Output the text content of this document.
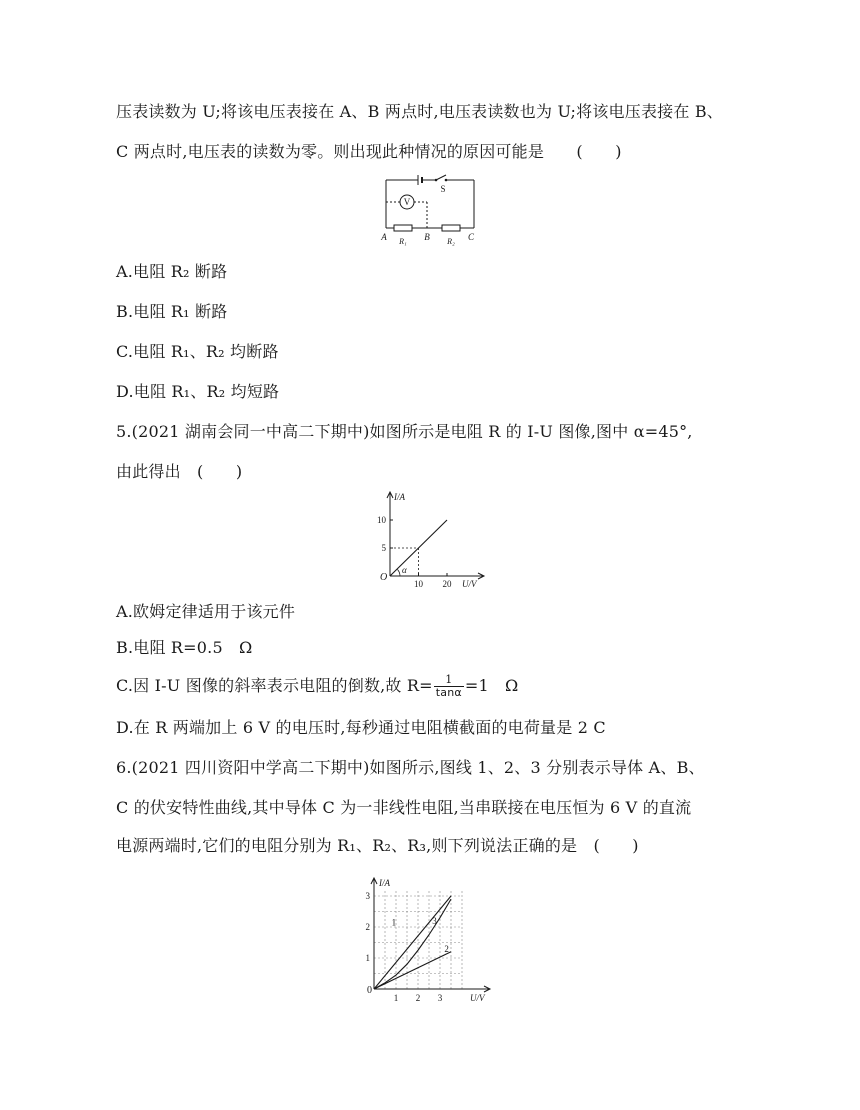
压表读数为 U;将该电压表接在 A、B 两点时,电压表读数也为 U;将该电压表接在 B、
C 两点时,电压表的读数为零。则出现此种情况的原因可能是　　(　　)
V
S
A R₁ B R₂ C
A.电阻 R₂ 断路
B.电阻 R₁ 断路
C.电阻 R₁、R₂ 均断路
D.电阻 R₁、R₂ 均短路
5.(2021 湖南会同一中高二下期中)如图所示是电阻 R 的 I-U 图像,图中 α=45°,
由此得出　(　　)
I/A
U/V
O
5
10
10 20
α
A.欧姆定律适用于该元件
B.电阻 R=0.5　Ω
C.因 I-U 图像的斜率表示电阻的倒数,故 $R= \frac{1}{\tan\alpha} =1$　Ω
D.在 R 两端加上 6 V 的电压时,每秒通过电阻横截面的电荷量是 2 C
6.(2021 四川资阳中学高二下期中)如图所示,图线 1、2、3 分别表示导体 A、B、
C 的伏安特性曲线,其中导体 C 为一非线性电阻,当串联接在电压恒为 6 V 的直流
电源两端时,它们的电阻分别为 R₁、R₂、R₃,则下列说法正确的是　(　　)
I/A
U/V
0
1
2
3
1 2 3
1
2
3
